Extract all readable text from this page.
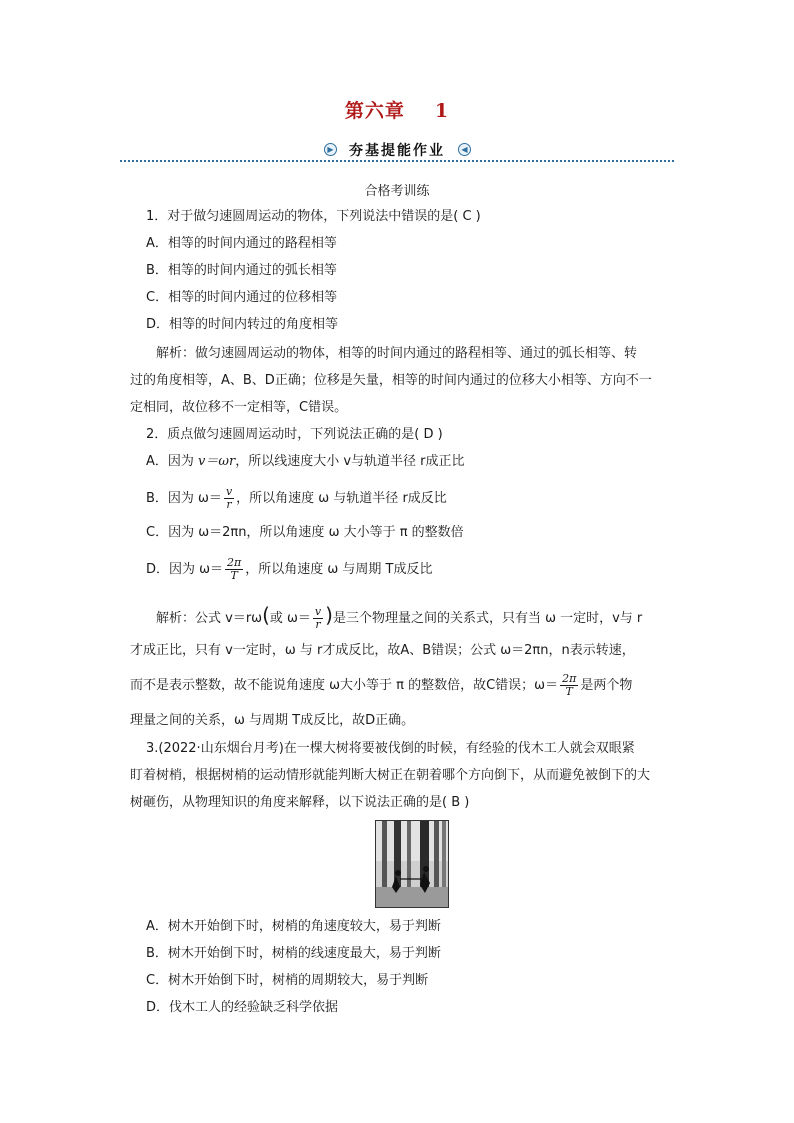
第六章 1
▶	夯基提能作业	◀
合格考训练
1．对于做匀速圆周运动的物体，下列说法中错误的是( C )
A．相等的时间内通过的路程相等
B．相等的时间内通过的弧长相等
C．相等的时间内通过的位移相等
D．相等的时间内转过的角度相等
解析：做匀速圆周运动的物体，相等的时间内通过的路程相等、通过的弧长相等、转
过的角度相等，A、B、D正确；位移是矢量，相等的时间内通过的位移大小相等、方向不一
定相同，故位移不一定相等，C错误。
2．质点做匀速圆周运动时，下列说法正确的是( D )
A．因为 v＝ωr，所以线速度大小 v与轨道半径 r成正比
B．因为 $\omega= \frac{v}{r}$ ，所以角速度 ω 与轨道半径 r成反比
C．因为 ω＝2πn，所以角速度 ω 大小等于 π 的整数倍
D．因为 $\omega= \frac{2\pi}{T}$ ，所以角速度 ω 与周期 T成反比
解析：公式 v＝rω(或 $\omega= \frac{v}{r}$ )是三个物理量之间的关系式，只有当 ω 一定时，v与 r
才成正比，只有 v一定时，ω 与 r才成反比，故A、B错误；公式 ω＝2πn，n表示转速，
而不是表示整数，故不能说角速度 ω大小等于 π 的整数倍，故C错误；$\omega= \frac{2\pi}{T}$ 是两个物
理量之间的关系，ω 与周期 T成反比，故D正确。
3.(2022·山东烟台月考)在一棵大树将要被伐倒的时候，有经验的伐木工人就会双眼紧
盯着树梢，根据树梢的运动情形就能判断大树正在朝着哪个方向倒下，从而避免被倒下的大
树砸伤，从物理知识的角度来解释，以下说法正确的是( B )
A．树木开始倒下时，树梢的角速度较大，易于判断
B．树木开始倒下时，树梢的线速度最大，易于判断
C．树木开始倒下时，树梢的周期较大，易于判断
D．伐木工人的经验缺乏科学依据
